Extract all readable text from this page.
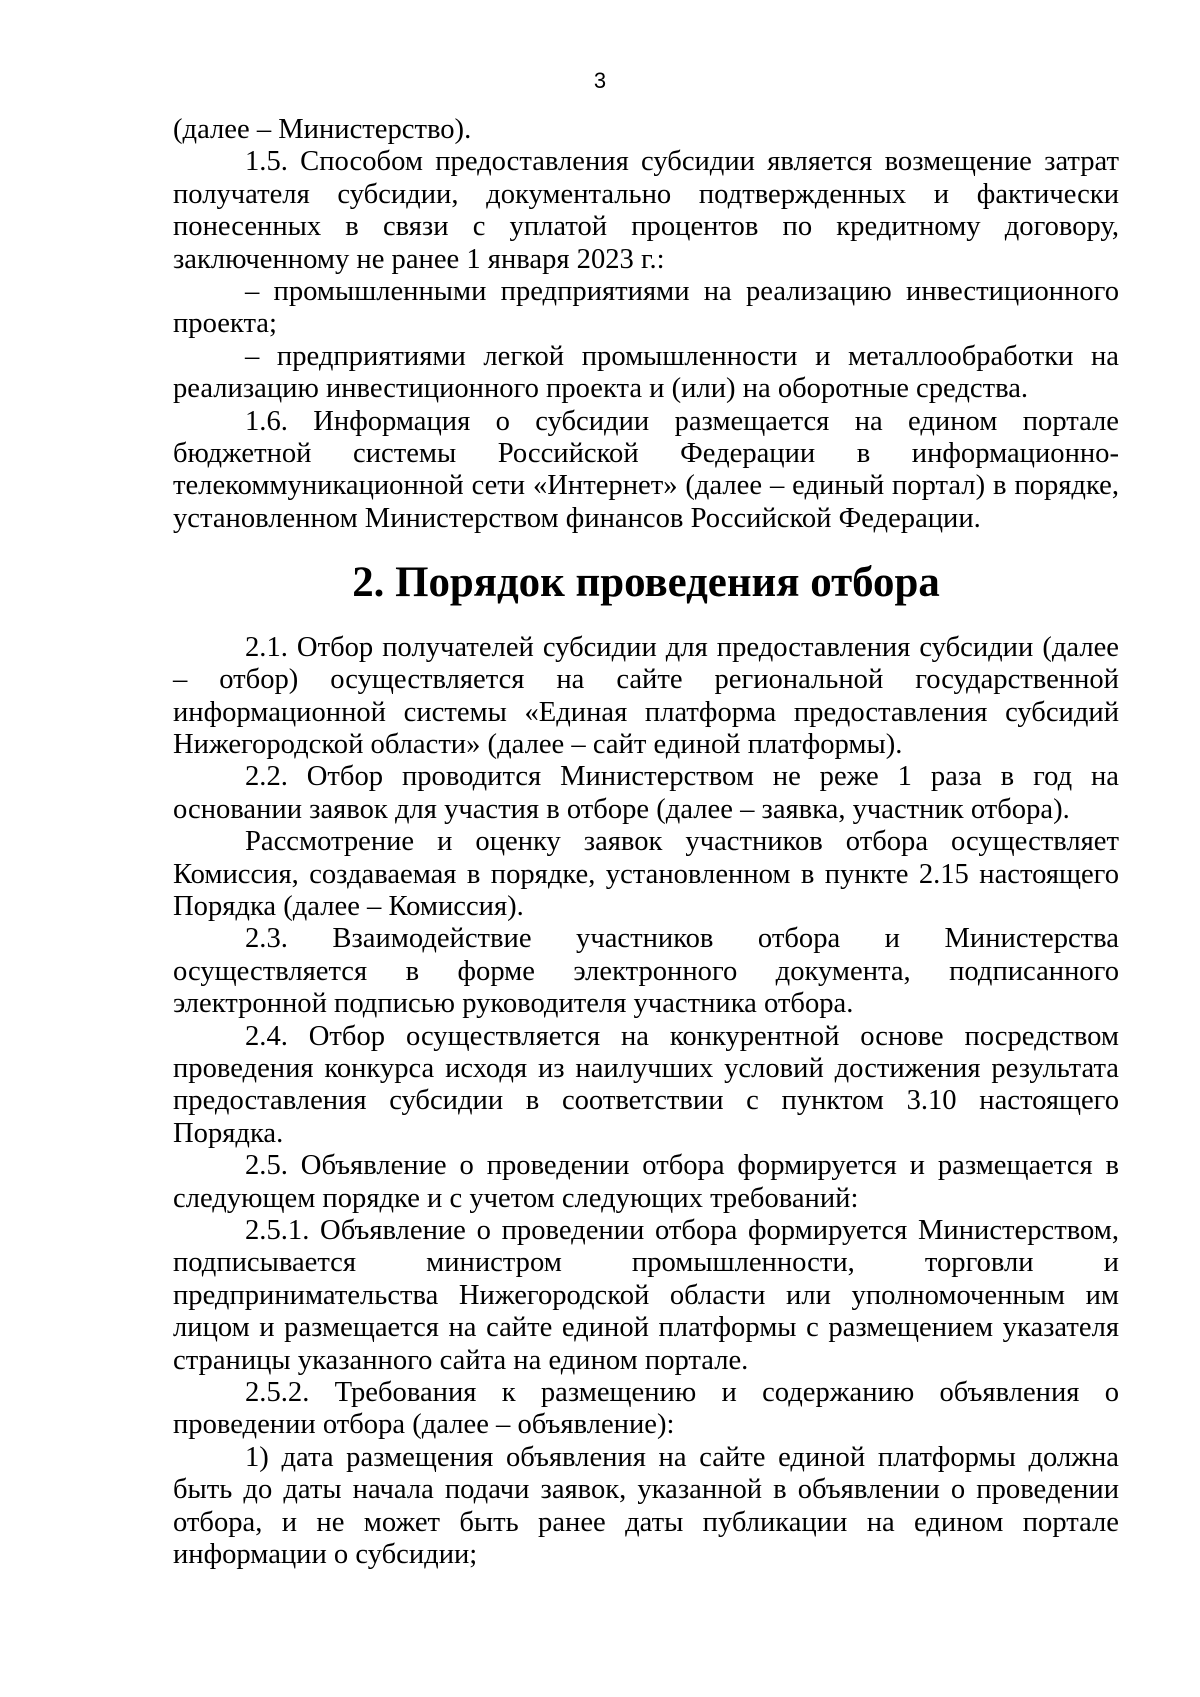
3

(далее – Министерство).

1.5. Способом предоставления субсидии является возмещение затрат получателя субсидии, документально подтвержденных и фактически понесенных в связи с уплатой процентов по кредитному договору, заключенному не ранее 1 января 2023 г.:

– промышленными предприятиями на реализацию инвестиционного проекта;

– предприятиями легкой промышленности и металлообработки на реализацию инвестиционного проекта и (или) на оборотные средства.

1.6. Информация о субсидии размещается на едином портале бюджетной системы Российской Федерации в информационно-телекоммуникационной сети «Интернет» (далее – единый портал) в порядке, установленном Министерством финансов Российской Федерации.

2. Порядок проведения отбора

2.1. Отбор получателей субсидии для предоставления субсидии (далее – отбор) осуществляется на сайте региональной государственной информационной системы «Единая платформа предоставления субсидий Нижегородской области» (далее – сайт единой платформы).

2.2. Отбор проводится Министерством не реже 1 раза в год на основании заявок для участия в отборе (далее – заявка, участник отбора).

Рассмотрение и оценку заявок участников отбора осуществляет Комиссия, создаваемая в порядке, установленном в пункте 2.15 настоящего Порядка (далее – Комиссия).

2.3. Взаимодействие участников отбора и Министерства осуществляется в форме электронного документа, подписанного электронной подписью руководителя участника отбора.

2.4. Отбор осуществляется на конкурентной основе посредством проведения конкурса исходя из наилучших условий достижения результата предоставления субсидии в соответствии с пунктом 3.10 настоящего Порядка.

2.5. Объявление о проведении отбора формируется и размещается в следующем порядке и с учетом следующих требований:

2.5.1. Объявление о проведении отбора формируется Министерством, подписывается министром промышленности, торговли и предпринимательства Нижегородской области или уполномоченным им лицом и размещается на сайте единой платформы с размещением указателя страницы указанного сайта на едином портале.

2.5.2. Требования к размещению и содержанию объявления о проведении отбора (далее – объявление):

1) дата размещения объявления на сайте единой платформы должна быть до даты начала подачи заявок, указанной в объявлении о проведении отбора, и не может быть ранее даты публикации на едином портале информации о субсидии;
